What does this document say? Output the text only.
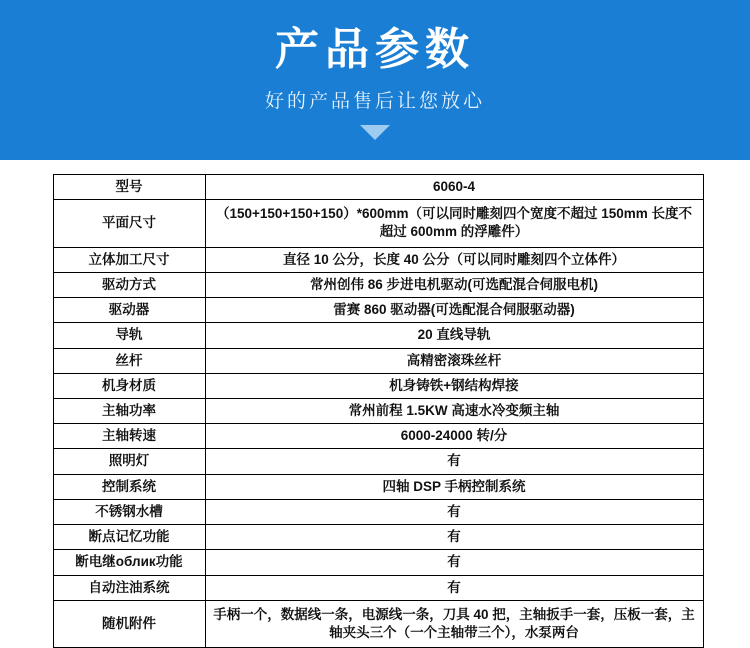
产品参数
好的产品售后让您放心
型号	6060-4
平面尺寸	（150+150+150+150）*600mm（可以同时雕刻四个宽度不超过 150mm 长度不超过 600mm 的浮雕件）
立体加工尺寸	直径 10 公分，长度 40 公分（可以同时雕刻四个立体件）
驱动方式	常州创伟 86 步进电机驱动(可选配混合伺服电机)
驱动器	雷赛 860 驱动器(可选配混合伺服驱动器)
导轨	20 直线导轨
丝杆	高精密滚珠丝杆
机身材质	机身铸铁+钢结构焊接
主轴功率	常州前程 1.5KW 高速水冷变频主轴
主轴转速	6000-24000 转/分
照明灯	有
控制系统	四轴 DSP 手柄控制系统
不锈钢水槽	有
断点记忆功能	有
断电继облик功能	有
自动注油系统	有
随机附件	手柄一个，数据线一条，电源线一条，刀具 40 把，主轴扳手一套，压板一套，主轴夹头三个（一个主轴带三个），水泵两台
